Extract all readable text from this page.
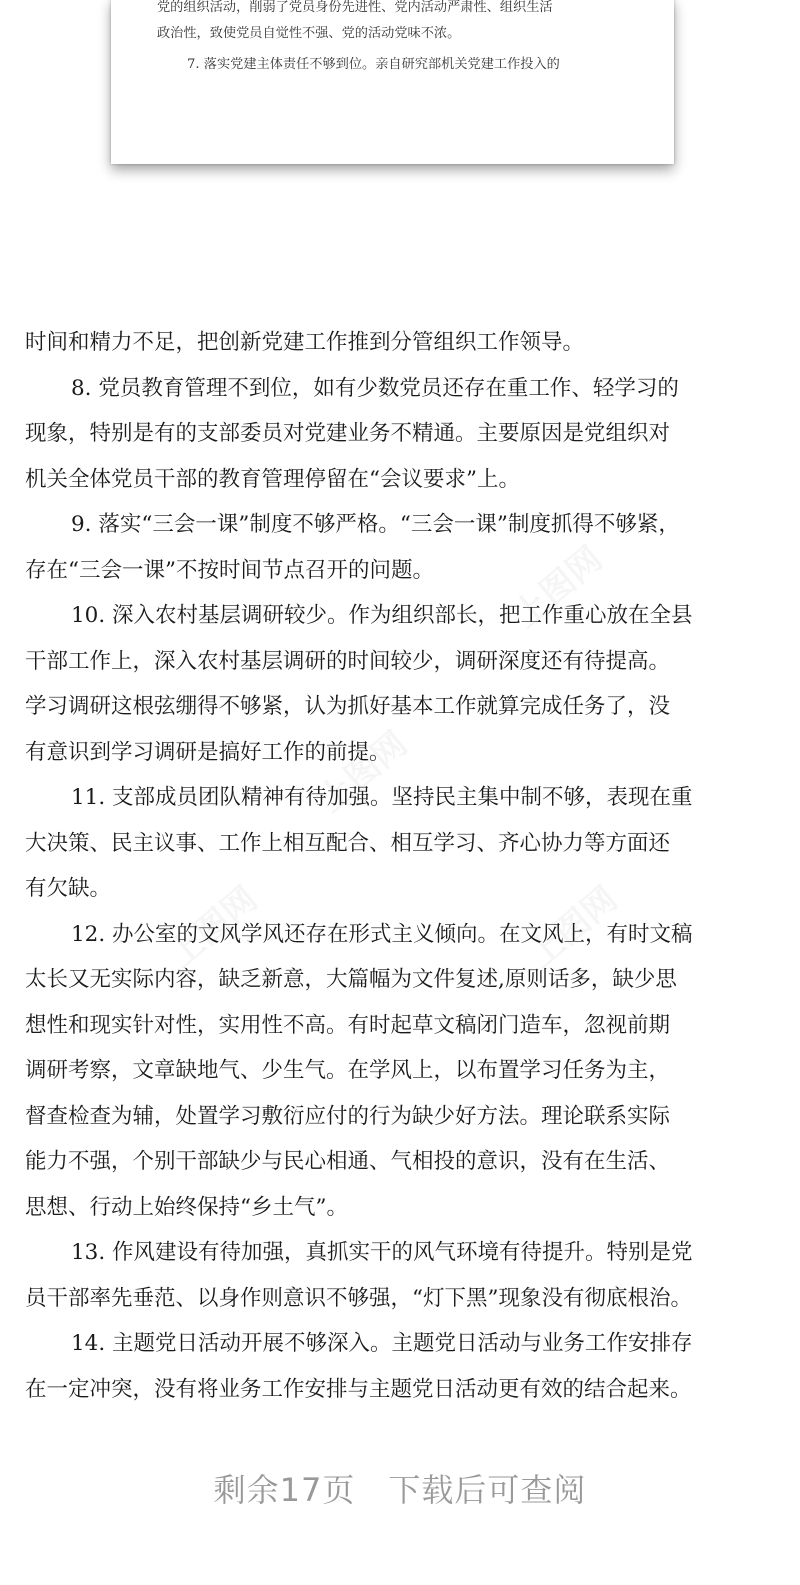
党的组织活动，削弱了党员身份先进性、党内活动严肃性、组织生活
政治性，致使党员自觉性不强、党的活动党味不浓。
7. 落实党建主体责任不够到位。亲自研究部机关党建工作投入的
上图网
上图网
上图网	上图网

时间和精力不足，把创新党建工作推到分管组织工作领导。

8. 党员教育管理不到位，如有少数党员还存在重工作、轻学习的

现象，特别是有的支部委员对党建业务不精通。主要原因是党组织对

机关全体党员干部的教育管理停留在“会议要求”上。

9. 落实“三会一课”制度不够严格。“三会一课”制度抓得不够紧，

存在“三会一课”不按时间节点召开的问题。

10. 深入农村基层调研较少。作为组织部长，把工作重心放在全县

干部工作上，深入农村基层调研的时间较少，调研深度还有待提高。

学习调研这根弦绷得不够紧，认为抓好基本工作就算完成任务了，没

有意识到学习调研是搞好工作的前提。

11. 支部成员团队精神有待加强。坚持民主集中制不够，表现在重

大决策、民主议事、工作上相互配合、相互学习、齐心协力等方面还

有欠缺。

12. 办公室的文风学风还存在形式主义倾向。在文风上，有时文稿

太长又无实际内容，缺乏新意，大篇幅为文件复述,原则话多，缺少思

想性和现实针对性，实用性不高。有时起草文稿闭门造车，忽视前期

调研考察，文章缺地气、少生气。在学风上，以布置学习任务为主，

督查检查为辅，处置学习敷衍应付的行为缺少好方法。理论联系实际

能力不强，个别干部缺少与民心相通、气相投的意识，没有在生活、

思想、行动上始终保持“乡土气”。

13. 作风建设有待加强，真抓实干的风气环境有待提升。特别是党

员干部率先垂范、以身作则意识不够强，“灯下黑”现象没有彻底根治。

14. 主题党日活动开展不够深入。主题党日活动与业务工作安排存

在一定冲突，没有将业务工作安排与主题党日活动更有效的结合起来。

剩余17页　下载后可查阅
